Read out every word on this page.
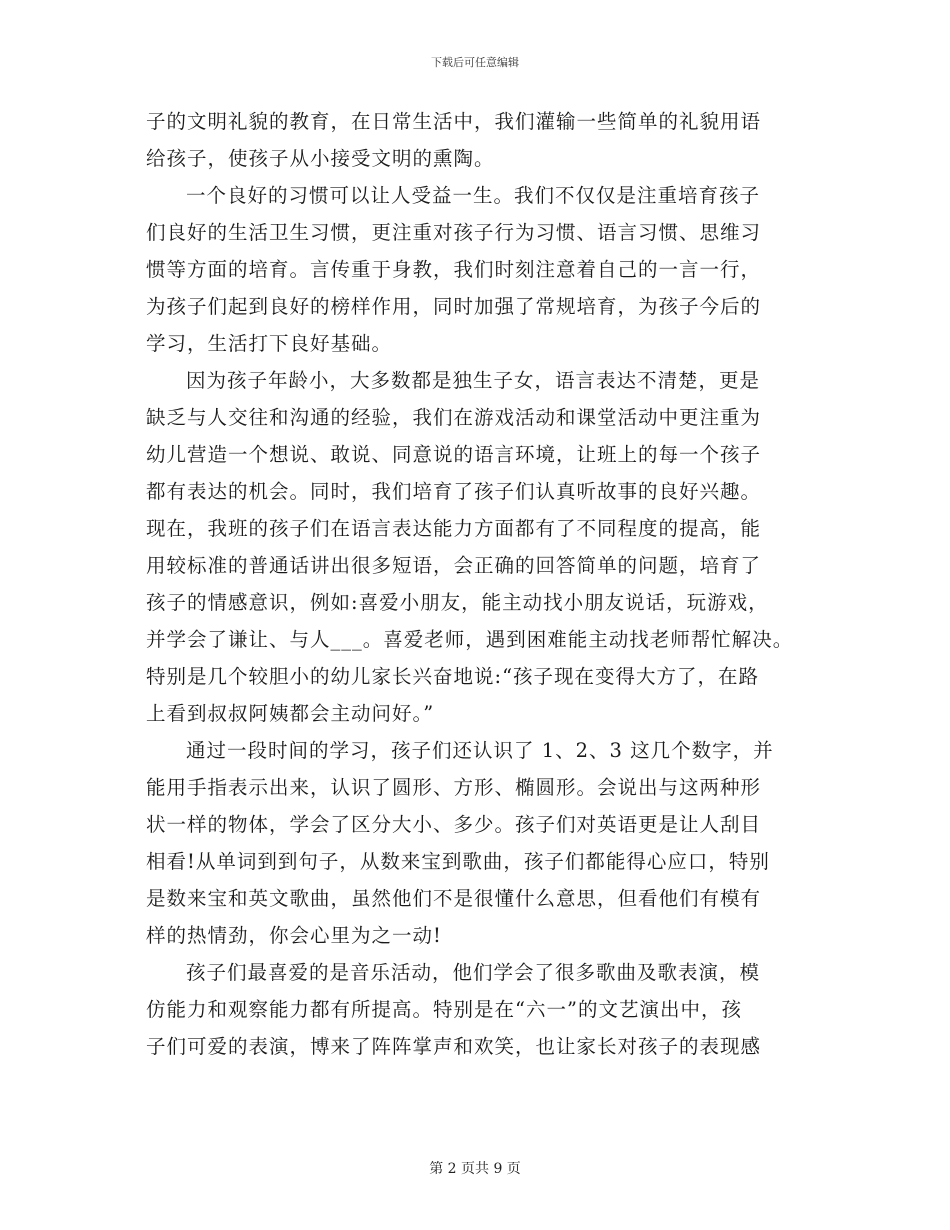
下载后可任意编辑
子的文明礼貌的教育，在日常生活中，我们灌输一些简单的礼貌用语
给孩子，使孩子从小接受文明的熏陶。
一个良好的习惯可以让人受益一生。我们不仅仅是注重培育孩子
们良好的生活卫生习惯，更注重对孩子行为习惯、语言习惯、思维习
惯等方面的培育。言传重于身教，我们时刻注意着自己的一言一行，
为孩子们起到良好的榜样作用，同时加强了常规培育，为孩子今后的
学习，生活打下良好基础。
因为孩子年龄小，大多数都是独生子女，语言表达不清楚，更是
缺乏与人交往和沟通的经验，我们在游戏活动和课堂活动中更注重为
幼儿营造一个想说、敢说、同意说的语言环境，让班上的每一个孩子
都有表达的机会。同时，我们培育了孩子们认真听故事的良好兴趣。
现在，我班的孩子们在语言表达能力方面都有了不同程度的提高，能
用较标准的普通话讲出很多短语，会正确的回答简单的问题，培育了
孩子的情感意识，例如:喜爱小朋友，能主动找小朋友说话，玩游戏，
并学会了谦让、与人___。喜爱老师，遇到困难能主动找老师帮忙解决。
特别是几个较胆小的幼儿家长兴奋地说:“孩子现在变得大方了，在路
上看到叔叔阿姨都会主动问好。”
通过一段时间的学习，孩子们还认识了 1、2、3 这几个数字，并
能用手指表示出来，认识了圆形、方形、椭圆形。会说出与这两种形
状一样的物体，学会了区分大小、多少。孩子们对英语更是让人刮目
相看!从单词到到句子，从数来宝到歌曲，孩子们都能得心应口，特别
是数来宝和英文歌曲，虽然他们不是很懂什么意思，但看他们有模有
样的热情劲，你会心里为之一动!
孩子们最喜爱的是音乐活动，他们学会了很多歌曲及歌表演，模
仿能力和观察能力都有所提高。特别是在“六一”的文艺演出中，孩
子们可爱的表演，博来了阵阵掌声和欢笑，也让家长对孩子的表现感
第 2 页共 9 页
